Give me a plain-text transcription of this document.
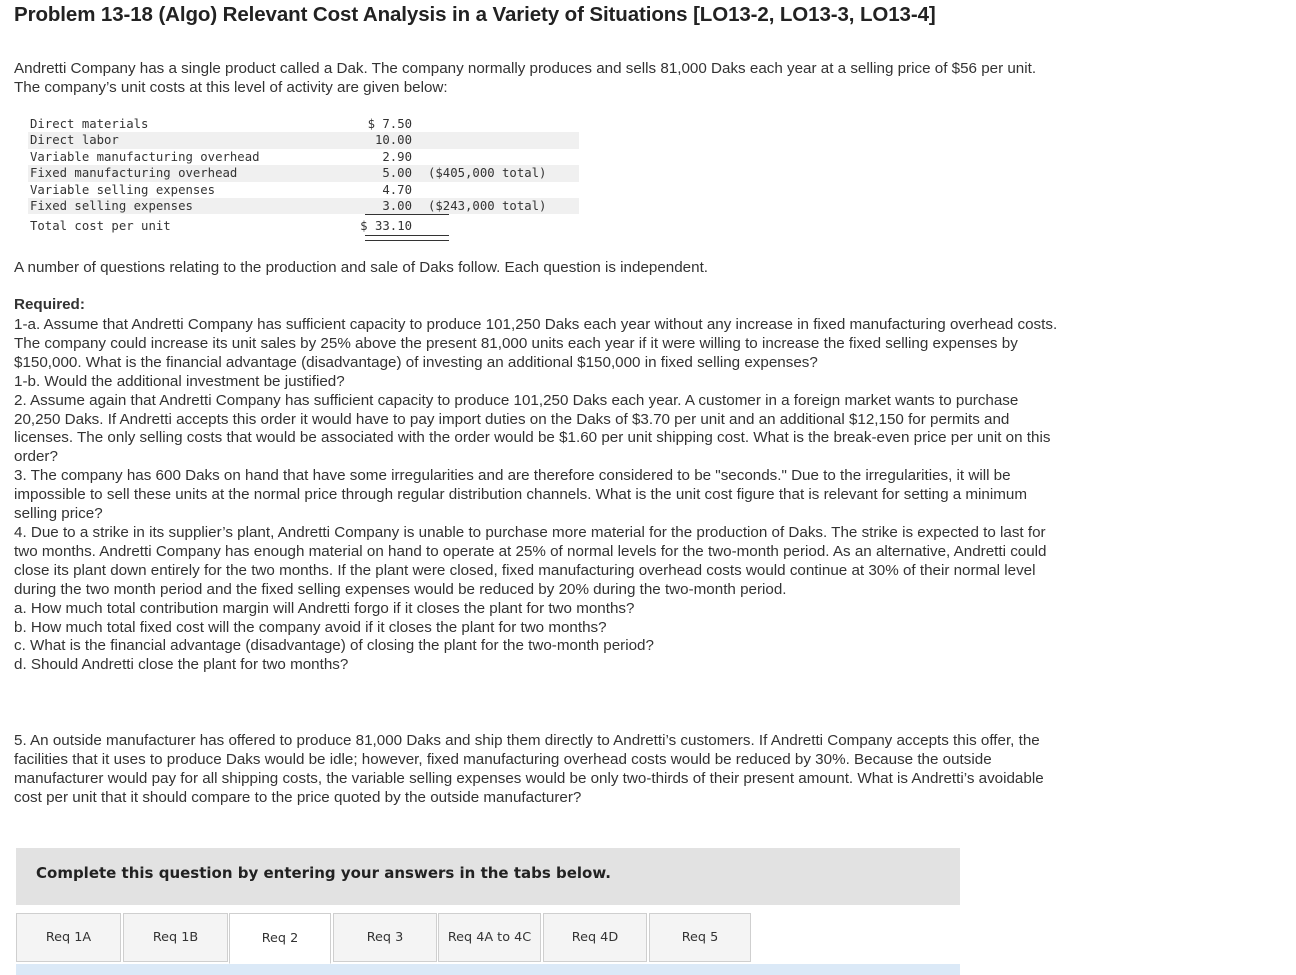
Problem 13-18 (Algo) Relevant Cost Analysis in a Variety of Situations [LO13-2, LO13-3, LO13-4]
Andretti Company has a single product called a Dak. The company normally produces and sells 81,000 Daks each year at a selling price of $56 per unit. The company’s unit costs at this level of activity are given below:
Direct materials	$ 7.50
Direct labor	10.00
Variable manufacturing overhead	2.90
Fixed manufacturing overhead	5.00 ($405,000 total)
Variable selling expenses	4.70
Fixed selling expenses	3.00 ($243,000 total)
Total cost per unit	$ 33.10
A number of questions relating to the production and sale of Daks follow. Each question is independent.
Required:

1-a. Assume that Andretti Company has sufficient capacity to produce 101,250 Daks each year without any increase in fixed manufacturing overhead costs. The company could increase its unit sales by 25% above the present 81,000 units each year if it were willing to increase the fixed selling expenses by $150,000. What is the financial advantage (disadvantage) of investing an additional $150,000 in fixed selling expenses?

1-b. Would the additional investment be justified?

2. Assume again that Andretti Company has sufficient capacity to produce 101,250 Daks each year. A customer in a foreign market wants to purchase 20,250 Daks. If Andretti accepts this order it would have to pay import duties on the Daks of $3.70 per unit and an additional $12,150 for permits and licenses. The only selling costs that would be associated with the order would be $1.60 per unit shipping cost. What is the break-even price per unit on this order?

3. The company has 600 Daks on hand that have some irregularities and are therefore considered to be "seconds." Due to the irregularities, it will be impossible to sell these units at the normal price through regular distribution channels. What is the unit cost figure that is relevant for setting a minimum selling price?

4. Due to a strike in its supplier’s plant, Andretti Company is unable to purchase more material for the production of Daks. The strike is expected to last for two months. Andretti Company has enough material on hand to operate at 25% of normal levels for the two-month period. As an alternative, Andretti could close its plant down entirely for the two months. If the plant were closed, fixed manufacturing overhead costs would continue at 30% of their normal level during the two month period and the fixed selling expenses would be reduced by 20% during the two-month period.

a. How much total contribution margin will Andretti forgo if it closes the plant for two months?

b. How much total fixed cost will the company avoid if it closes the plant for two months?

c. What is the financial advantage (disadvantage) of closing the plant for the two-month period?

d. Should Andretti close the plant for two months?

5. An outside manufacturer has offered to produce 81,000 Daks and ship them directly to Andretti’s customers. If Andretti Company accepts this offer, the facilities that it uses to produce Daks would be idle; however, fixed manufacturing overhead costs would be reduced by 30%. Because the outside manufacturer would pay for all shipping costs, the variable selling expenses would be only two-thirds of their present amount. What is Andretti’s avoidable cost per unit that it should compare to the price quoted by the outside manufacturer?
Complete this question by entering your answers in the tabs below.
Req 1A	Req 1B	Req 2	Req 3	Req 4A to 4C	Req 4D	Req 5
